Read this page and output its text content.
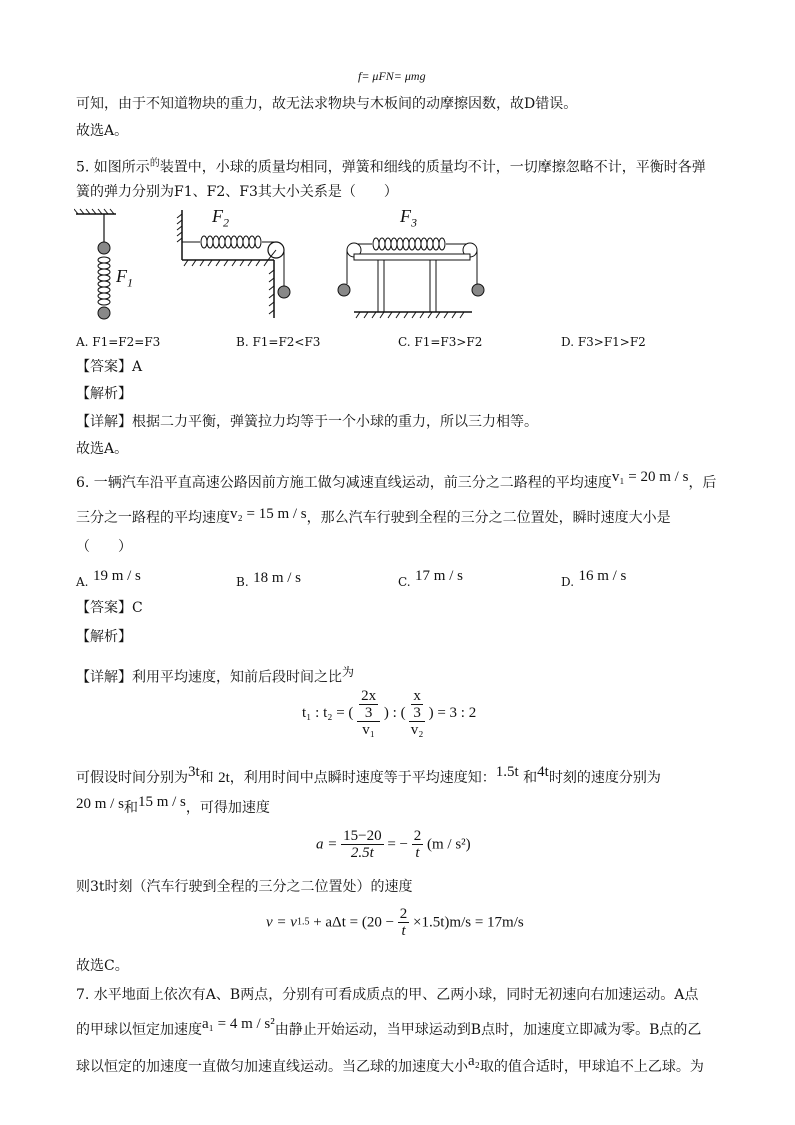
f= μFN= μmg
可知，由于不知道物块的重力，故无法求物块与木板间的动摩擦因数，故D错误。
故选A。
5. 如图所示$^的$装置中，小球的质量均相同，弹簧和细线的质量均不计，一切摩擦忽略不计，平衡时各弹
簧的弹力分别为F1、F2、F3其大小关系是（　　）
$F_1$
$F_2$	$F_3$
A. F1=F2=F3	B. F1=F2<F3	C. F1=F3>F2	D. F3>F1>F2
【答案】A
【解析】
【详解】根据二力平衡，弹簧拉力均等于一个小球的重力，所以三力相等。
故选A。
6. 一辆汽车沿平直高速公路因前方施工做匀减速直线运动，前三分之二路程的平均速度v₁ = 20 m / s，后
三分之一路程的平均速度v₂ = 15 m / s，那么汽车行驶到全程的三分之二位置处，瞬时速度大小是
（　　）
A. 19 m / s	B. 18 m / s	C. 17 m / s	D. 16 m / s
【答案】C
【解析】
【详解】利用平均速度，知前后段时间之比$^为$
t₁ : t₂ = ( $\frac{\frac{2x}{3}}{\text{v₁}}$ ) : ( $\frac{\frac{x}{3}}{\text{v₂}}$ ) = 3 : 2
可假设时间分别为3t和 2t，利用时间中点瞬时速度等于平均速度知：1.5t 和4t时刻的速度分别为
20 m / s和15 m / s，可得加速度
$a = \frac{15-20}{2.5t}$ = − $\frac{2}{t} (m / s^2)$
则3t时刻（汽车行驶到全程的三分之二位置处）的速度
$v = v1.5 + a\Delta t = (20 - \frac{2}{t} \times 1.5t)m/s = 17m/s$
故选C。
7. 水平地面上依次有A、B两点，分别有可看成质点的甲、乙两小球，同时无初速向右加速运动。A点
的甲球以恒定加速度a₁ = 4 m / s²由静止开始运动，当甲球运动到B点时，加速度立即减为零。B点的乙
球以恒定的加速度一直做匀加速直线运动。当乙球的加速度大小a₂取的值合适时，甲球追不上乙球。为
